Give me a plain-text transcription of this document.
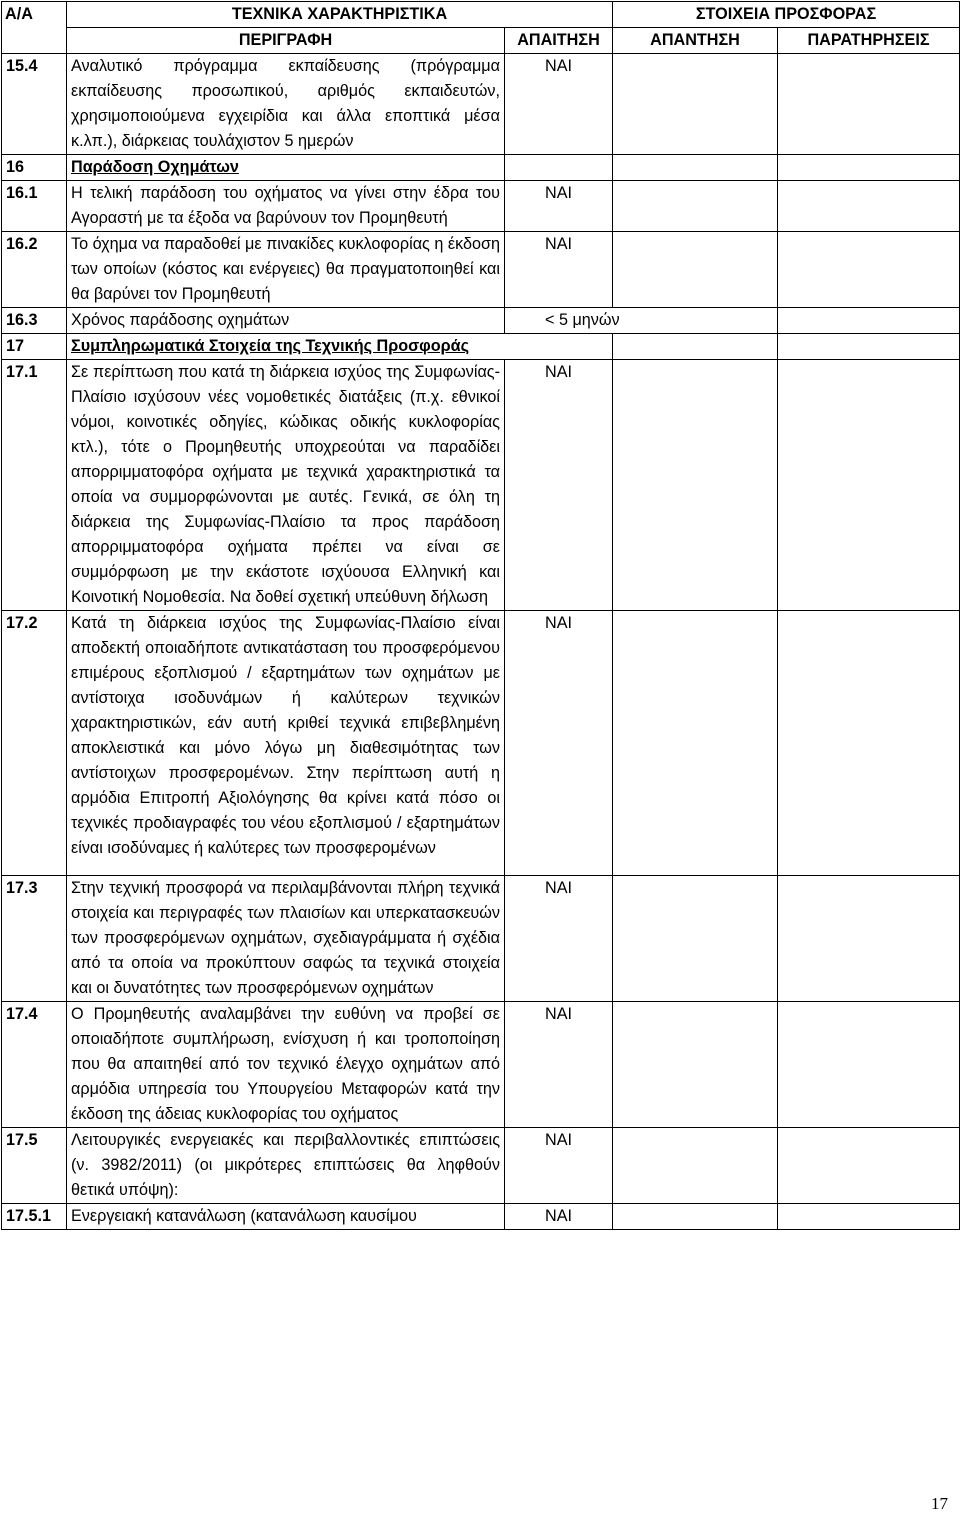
Α/Α	ΤΕΧΝΙΚΑ ΧΑΡΑΚΤΗΡΙΣΤΙΚΑ		ΣΤΟΙΧΕΙΑ ΠΡΟΣΦΟΡΑΣ	
	ΠΕΡΙΓΡΑΦΗ	ΑΠΑΙΤΗΣΗ	ΑΠΑΝΤΗΣΗ	ΠΑΡΑΤΗΡΗΣΕΙΣ
15.4	Αναλυτικό πρόγραμμα εκπαίδευσης (πρόγραμμα εκπαίδευσης προσωπικού, αριθμός εκπαιδευτών, χρησιμοποιούμενα εγχειρίδια και άλλα εποπτικά μέσα κ.λπ.), διάρκειας τουλάχιστον 5 ημερών	ΝΑΙ		
16	Παράδοση Οχημάτων			
16.1	Η τελική παράδοση του οχήματος να γίνει στην έδρα του Αγοραστή με τα έξοδα να βαρύνουν τον Προμηθευτή	ΝΑΙ		
16.2	Το όχημα να παραδοθεί με πινακίδες κυκλοφορίας η έκδοση των οποίων (κόστος και ενέργειες) θα πραγματοποιηθεί και θα βαρύνει τον Προμηθευτή	ΝΑΙ		
16.3	Χρόνος παράδοσης οχημάτων	< 5 μηνών		
17	Συμπληρωματικά Στοιχεία της Τεχνικής Προσφοράς			
17.1	Σε περίπτωση που κατά τη διάρκεια ισχύος της Συμφωνίας-Πλαίσιο ισχύσουν νέες νομοθετικές διατάξεις (π.χ. εθνικοί νόμοι, κοινοτικές οδηγίες, κώδικας οδικής κυκλοφορίας κτλ.), τότε ο Προμηθευτής υποχρεούται να παραδίδει απορριμματοφόρα οχήματα με τεχνικά χαρακτηριστικά τα οποία να συμμορφώνονται με αυτές. Γενικά, σε όλη τη διάρκεια της Συμφωνίας-Πλαίσιο τα προς παράδοση απορριμματοφόρα οχήματα πρέπει να είναι σε συμμόρφωση με την εκάστοτε ισχύουσα Ελληνική και Κοινοτική Νομοθεσία. Να δοθεί σχετική υπεύθυνη δήλωση	ΝΑΙ		
17.2	Κατά τη διάρκεια ισχύος της Συμφωνίας-Πλαίσιο είναι αποδεκτή οποιαδήποτε αντικατάσταση του προσφερόμενου επιμέρους εξοπλισμού / εξαρτημάτων των οχημάτων με αντίστοιχα ισοδυνάμων ή καλύτερων τεχνικών χαρακτηριστικών, εάν αυτή κριθεί τεχνικά επιβεβλημένη αποκλειστικά και μόνο λόγω μη διαθεσιμότητας των αντίστοιχων προσφερομένων. Στην περίπτωση αυτή η αρμόδια Επιτροπή Αξιολόγησης θα κρίνει κατά πόσο οι τεχνικές προδιαγραφές του νέου εξοπλισμού / εξαρτημάτων είναι ισοδύναμες ή καλύτερες των προσφερομένων	ΝΑΙ		
17.3	Στην τεχνική προσφορά να περιλαμβάνονται πλήρη τεχνικά στοιχεία και περιγραφές των πλαισίων και υπερκατασκευών των προσφερόμενων οχημάτων, σχεδιαγράμματα ή σχέδια από τα οποία να προκύπτουν σαφώς τα τεχνικά στοιχεία και οι δυνατότητες των προσφερόμενων οχημάτων	ΝΑΙ		
17.4	Ο Προμηθευτής αναλαμβάνει την ευθύνη να προβεί σε οποιαδήποτε συμπλήρωση, ενίσχυση ή και τροποποίηση που θα απαιτηθεί από τον τεχνικό έλεγχο οχημάτων από αρμόδια υπηρεσία του Υπουργείου Μεταφορών κατά την έκδοση της άδειας κυκλοφορίας του οχήματος	ΝΑΙ		
17.5	Λειτουργικές ενεργειακές και περιβαλλοντικές επιπτώσεις (ν. 3982/2011) (οι μικρότερες επιπτώσεις θα ληφθούν θετικά υπόψη):	ΝΑΙ		
17.5.1	Ενεργειακή κατανάλωση (κατανάλωση καυσίμου	ΝΑΙ		
17
